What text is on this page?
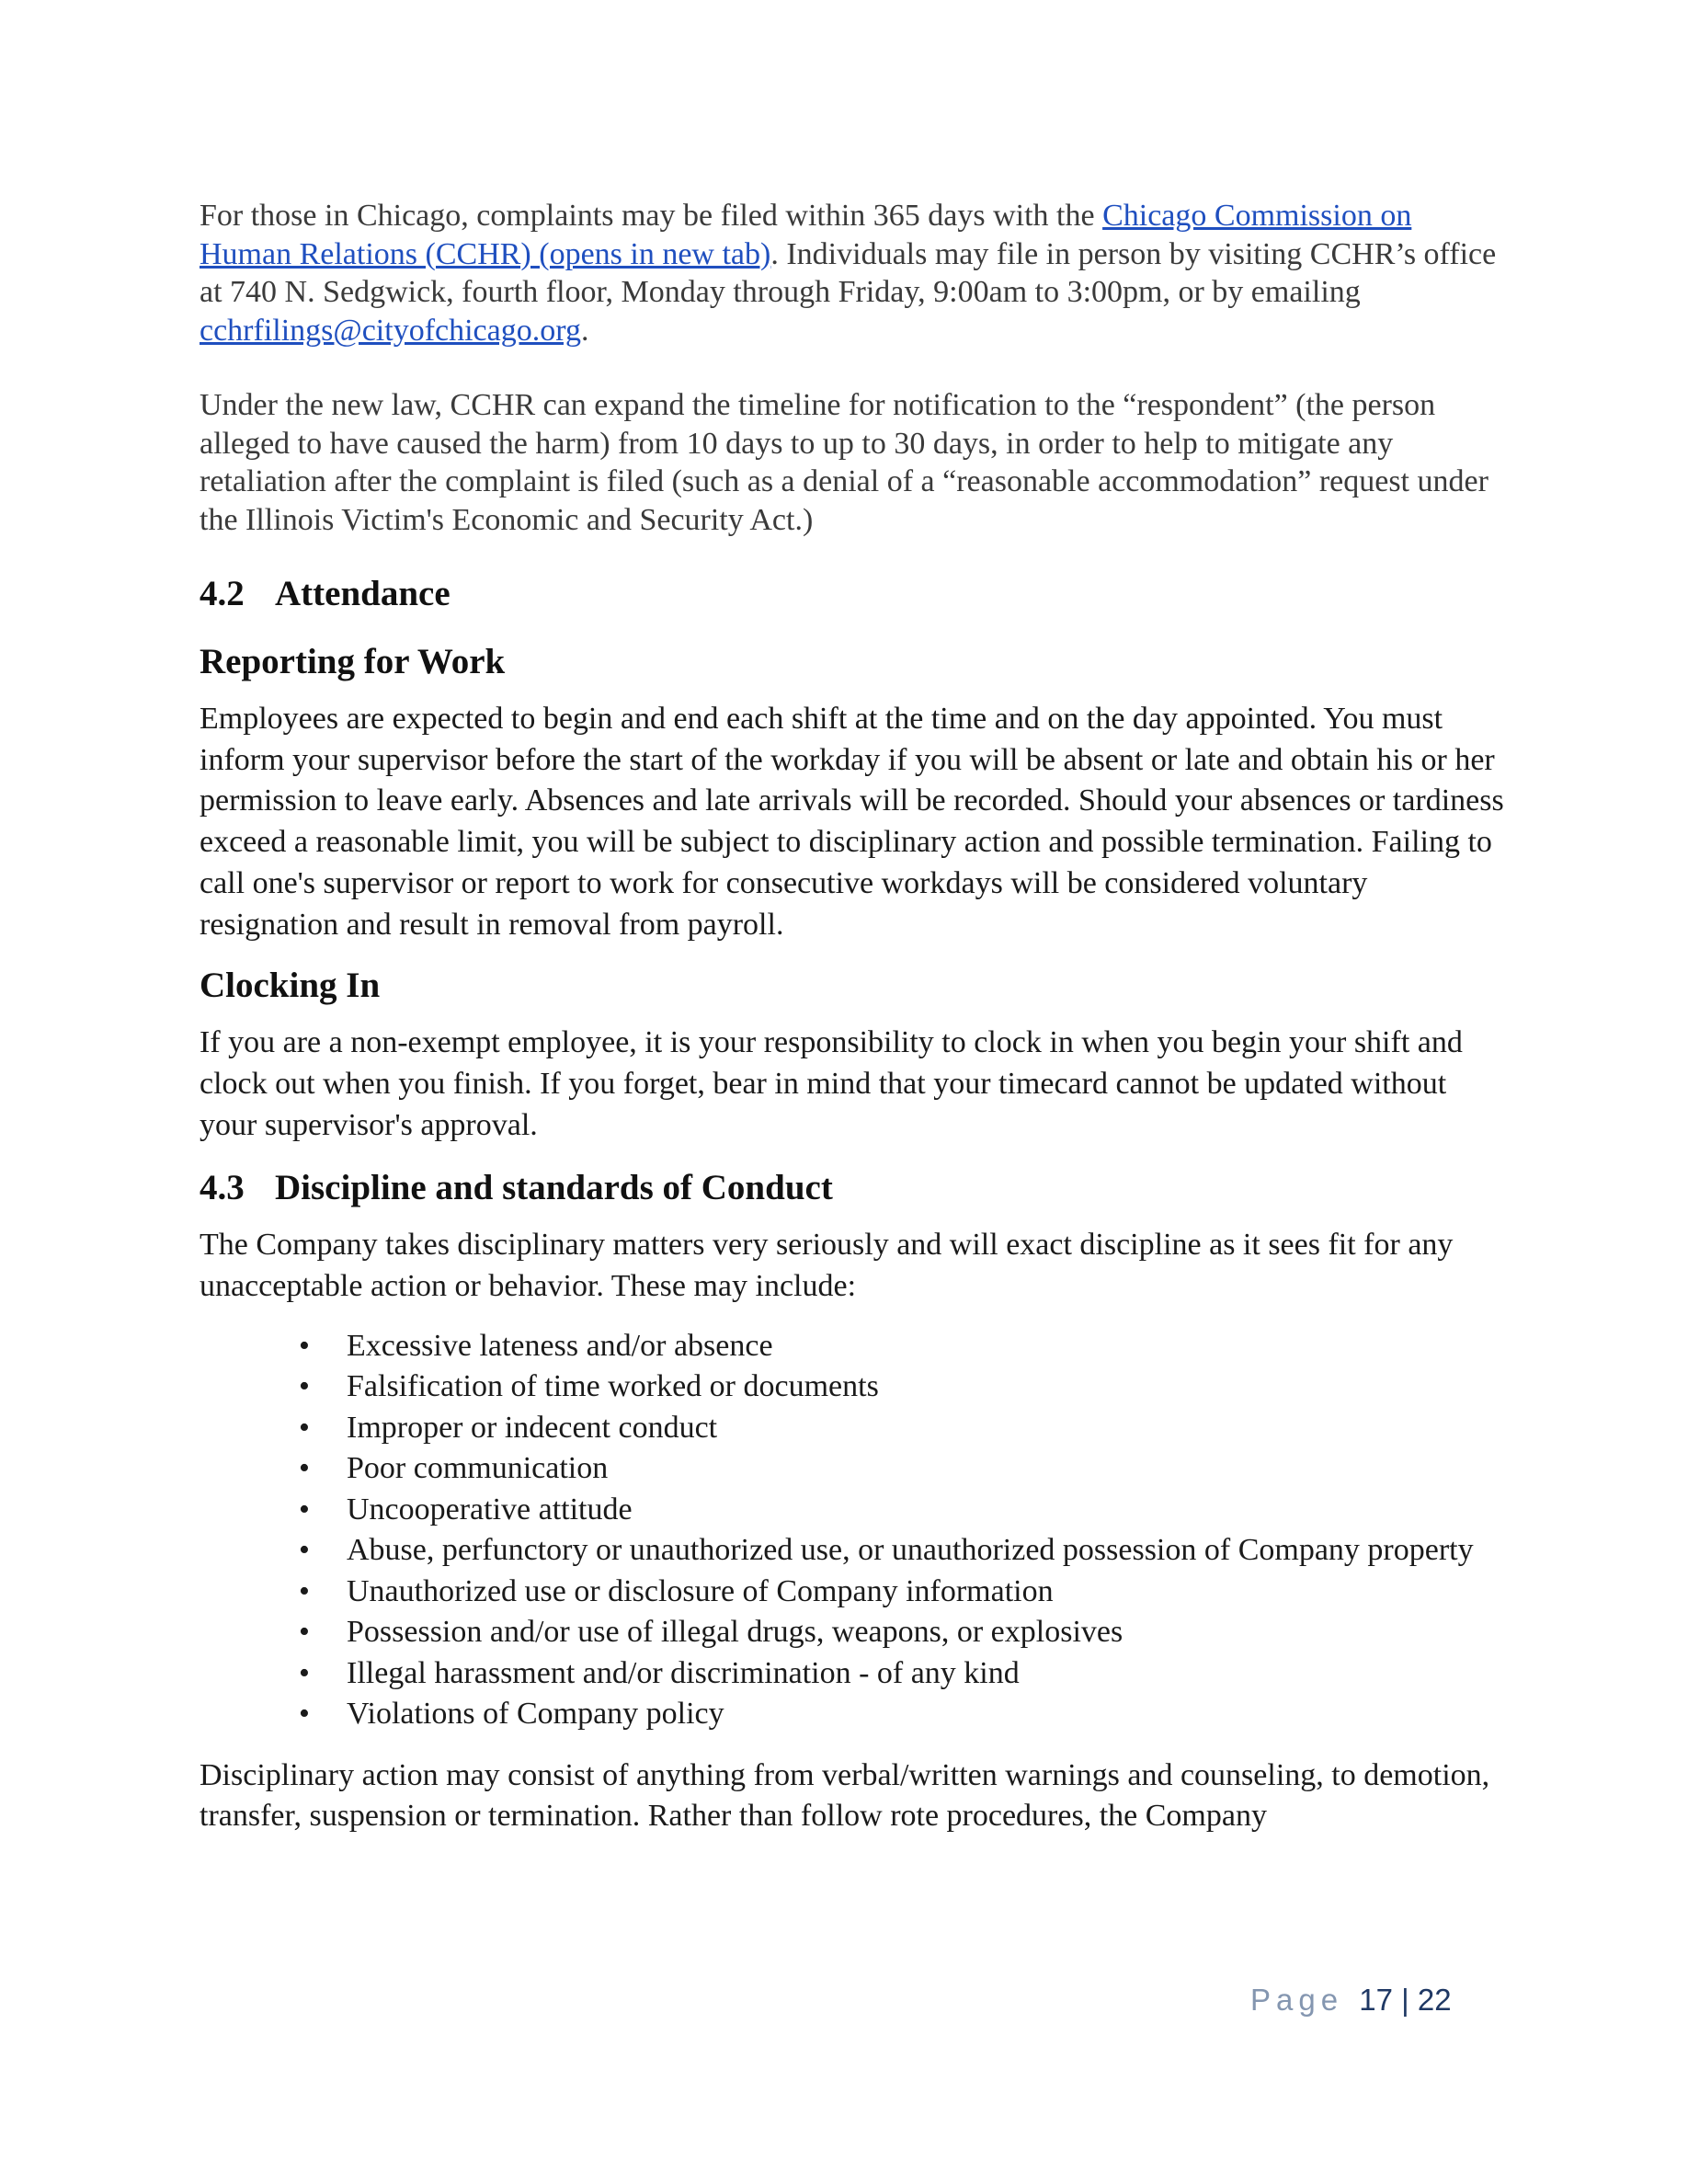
For those in Chicago, complaints may be filed within 365 days with the Chicago Commission on Human Relations (CCHR) (opens in new tab). Individuals may file in person by visiting CCHR’s office at 740 N. Sedgwick, fourth floor, Monday through Friday, 9:00am to 3:00pm, or by emailing cchrfilings@cityofchicago.org.

Under the new law, CCHR can expand the timeline for notification to the “respondent” (the person alleged to have caused the harm) from 10 days to up to 30 days, in order to help to mitigate any retaliation after the complaint is filed (such as a denial of a “reasonable accommodation” request under the Illinois Victim's Economic and Security Act.)

4.2 Attendance
Reporting for Work

Employees are expected to begin and end each shift at the time and on the day appointed. You must inform your supervisor before the start of the workday if you will be absent or late and obtain his or her permission to leave early. Absences and late arrivals will be recorded. Should your absences or tardiness exceed a reasonable limit, you will be subject to disciplinary action and possible termination. Failing to call one's supervisor or report to work for consecutive workdays will be considered voluntary resignation and result in removal from payroll.

Clocking In

If you are a non-exempt employee, it is your responsibility to clock in when you begin your shift and clock out when you finish. If you forget, bear in mind that your timecard cannot be updated without your supervisor's approval.

4.3 Discipline and standards of Conduct

The Company takes disciplinary matters very seriously and will exact discipline as it sees fit for any unacceptable action or behavior. These may include:

• Excessive lateness and/or absence
• Falsification of time worked or documents
• Improper or indecent conduct
• Poor communication
• Uncooperative attitude
• Abuse, perfunctory or unauthorized use, or unauthorized possession of Company property
• Unauthorized use or disclosure of Company information
• Possession and/or use of illegal drugs, weapons, or explosives
• Illegal harassment and/or discrimination - of any kind
• Violations of Company policy

Disciplinary action may consist of anything from verbal/written warnings and counseling, to demotion, transfer, suspension or termination. Rather than follow rote procedures, the Company

Page 17 | 22
